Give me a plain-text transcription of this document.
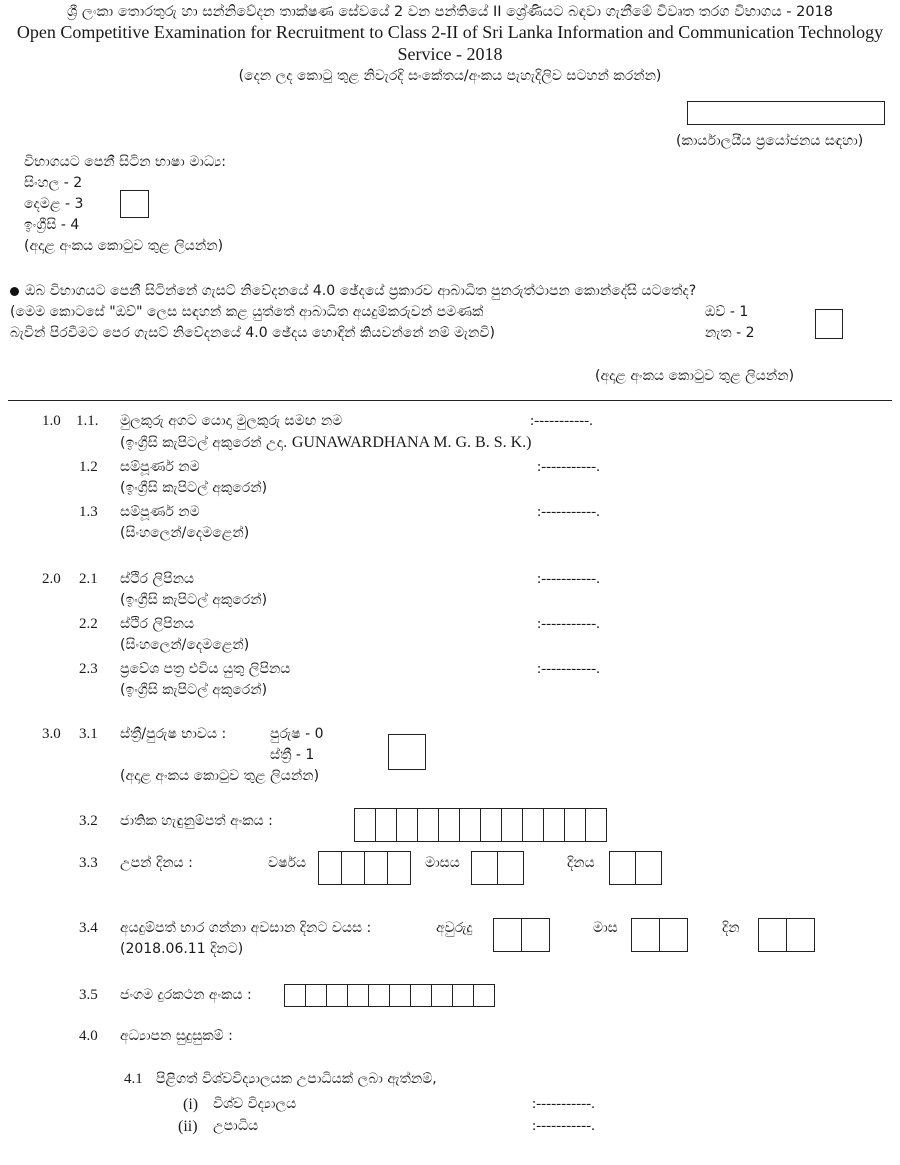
ශ්‍රී ලංකා තොරතුරු හා සන්නිවේදන තාක්ෂණ සේවයේ 2 වන පන්තියේ II ශ්‍රේණියට බඳවා ගැනීමේ විවෘත තරග විභාගය - 2018
Open Competitive Examination for Recruitment to Class 2-II of Sri Lanka Information and Communication Technology
Service - 2018
(දෙන ලද කොටු තුළ නිවැරදි සංකේතය/අංකය පැහැදිලිව සටහන් කරන්න)
(කාර්යාලයීය ප්‍රයෝජනය සඳහා)
විභාගයට පෙනී සිටින භාෂා මාධ්‍ය:
සිංහල - 2
දෙමළ - 3
ඉංග්‍රීසි - 4
(අදාළ අංකය කොටුව තුළ ලියන්න)
ඔබ විභාගයට පෙනී සිටින්නේ ගැසට් නිවේදනයේ 4.0 ඡේදයේ ප්‍රකාරව ආබාධිත පුනරුත්ථාපන කොන්දේසි යටතේද?
(මෙම කොටසේ "ඔව්" ලෙස සඳහන් කළ යුත්තේ ආබාධිත අයදුම්කරුවන් පමණක්
බැවින් පිරවීමට පෙර ගැසට් නිවේදනයේ 4.0 ඡේදය හොඳින් කියවන්නේ නම් මැනවි)
ඔව් - 1
නැත - 2
(අදාළ අංකය කොටුව තුළ ලියන්න)
1.0 1.1. මුලකුරු අගට යොදා මුලකුරු සමඟ නම
(ඉංග්‍රීසි කැපිටල් අකුරෙන් උදා. GUNAWARDHANA M. G. B. S. K.)
:-----------.
1.2 සම්පූර්ණ නම
(ඉංග්‍රීසි කැපිටල් අකුරෙන්)
:-----------.
1.3 සම්පූර්ණ නම
(සිංහලෙන්/දෙමළෙන්)
:-----------.
2.0 2.1 ස්ථිර ලිපිනය
(ඉංග්‍රීසි කැපිටල් අකුරෙන්)
:-----------.
2.2 ස්ථිර ලිපිනය
(සිංහලෙන්/දෙමළෙන්)
:-----------.
2.3 ප්‍රවේශ පත්‍ර එවිය යුතු ලිපිනය
(ඉංග්‍රීසි කැපිටල් අකුරෙන්)
:-----------.
3.0 3.1 ස්ත්‍රී/පුරුෂ භාවය :	පුරුෂ - 0
ස්ත්‍රී - 1
(අදාළ අංකය කොටුව තුළ ලියන්න)
3.2 ජාතික හැඳුනුම්පත් අංකය :
3.3 උපන් දිනය :	වර්ෂය	මාසය	දිනය
3.4 අයදුම්පත් භාර ගන්නා අවසාන දිනට වයස :
(2018.06.11 දිනට)
අවුරුදු	මාස	දින
3.5 ජංගම දුරකථන අංකය :
4.0 අධ්‍යාපන සුදුසුකම් :
4.1 පිළිගත් විශ්වවිද්‍යාලයක උපාධියක් ලබා ඇත්නම්,
(i) විශ්ව විද්‍යාලය	:-----------.
(ii) උපාධිය	:-----------.
